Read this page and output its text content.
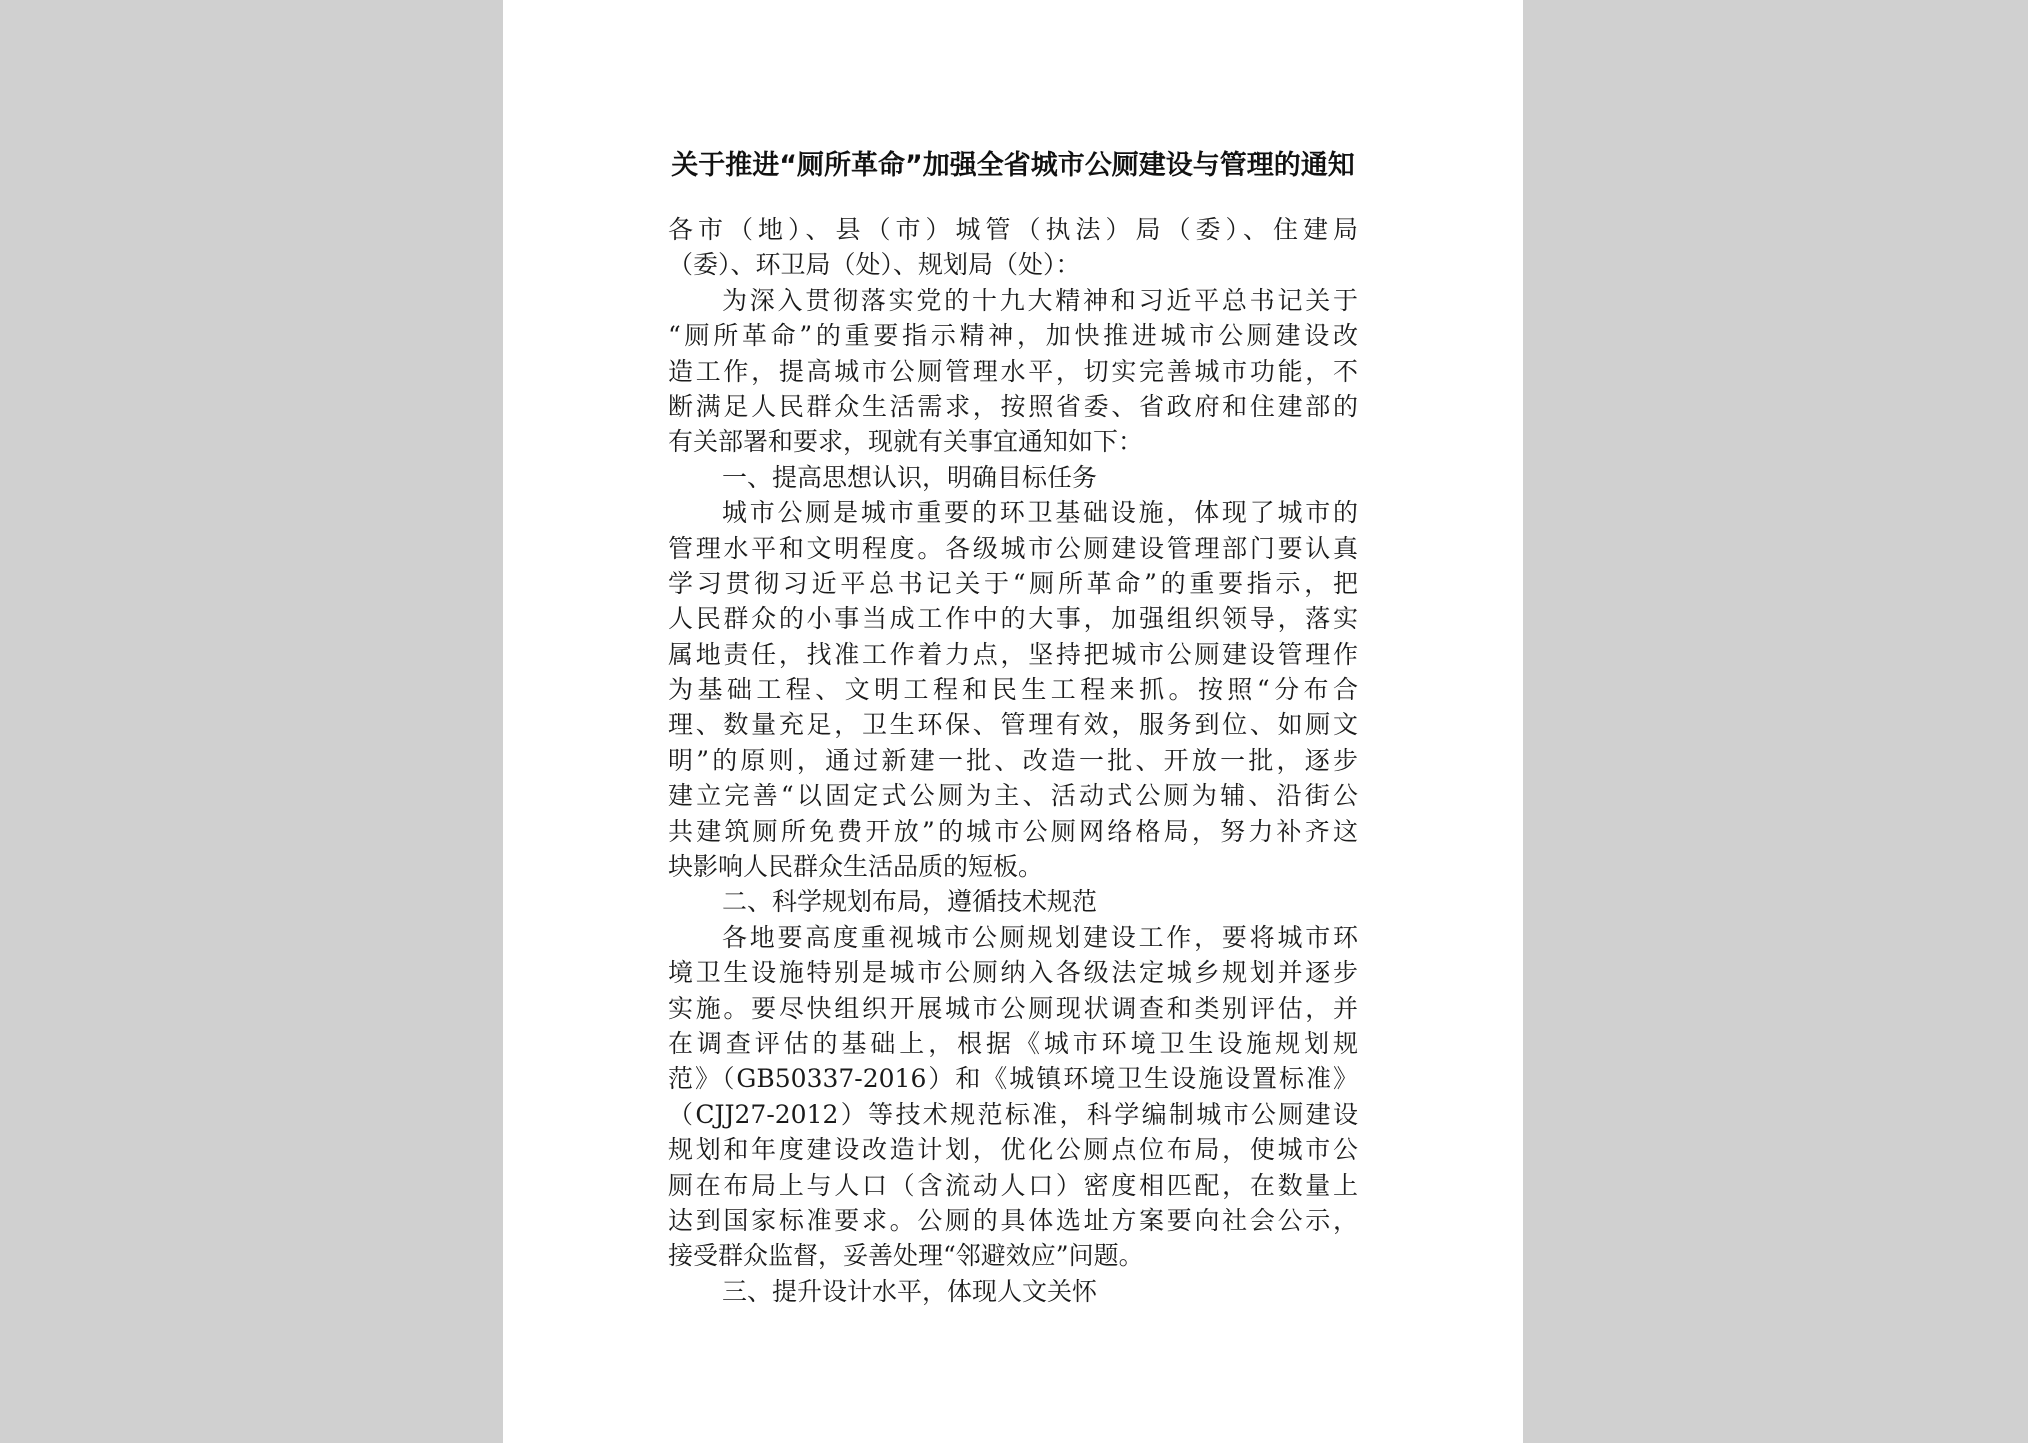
关于推进“厕所革命”加强全省城市公厕建设与管理的通知
各市（地）、县（市）城管（执法）局（委）、住建局
（委）、环卫局（处）、规划局（处）：
为深入贯彻落实党的十九大精神和习近平总书记关于
“厕所革命”的重要指示精神，加快推进城市公厕建设改
造工作，提高城市公厕管理水平，切实完善城市功能，不
断满足人民群众生活需求，按照省委、省政府和住建部的
有关部署和要求，现就有关事宜通知如下：
一、提高思想认识，明确目标任务
城市公厕是城市重要的环卫基础设施，体现了城市的
管理水平和文明程度。各级城市公厕建设管理部门要认真
学习贯彻习近平总书记关于“厕所革命”的重要指示，把
人民群众的小事当成工作中的大事，加强组织领导，落实
属地责任，找准工作着力点，坚持把城市公厕建设管理作
为基础工程、文明工程和民生工程来抓。按照“分布合
理、数量充足，卫生环保、管理有效，服务到位、如厕文
明”的原则，通过新建一批、改造一批、开放一批，逐步
建立完善“以固定式公厕为主、活动式公厕为辅、沿街公
共建筑厕所免费开放”的城市公厕网络格局，努力补齐这
块影响人民群众生活品质的短板。
二、科学规划布局，遵循技术规范
各地要高度重视城市公厕规划建设工作，要将城市环
境卫生设施特别是城市公厕纳入各级法定城乡规划并逐步
实施。要尽快组织开展城市公厕现状调查和类别评估，并
在调查评估的基础上，根据《城市环境卫生设施规划规
范》（GB50337-2016）和《城镇环境卫生设施设置标准》
（CJJ27-2012）等技术规范标准，科学编制城市公厕建设
规划和年度建设改造计划，优化公厕点位布局，使城市公
厕在布局上与人口（含流动人口）密度相匹配，在数量上
达到国家标准要求。公厕的具体选址方案要向社会公示，
接受群众监督，妥善处理“邻避效应”问题。
三、提升设计水平，体现人文关怀
